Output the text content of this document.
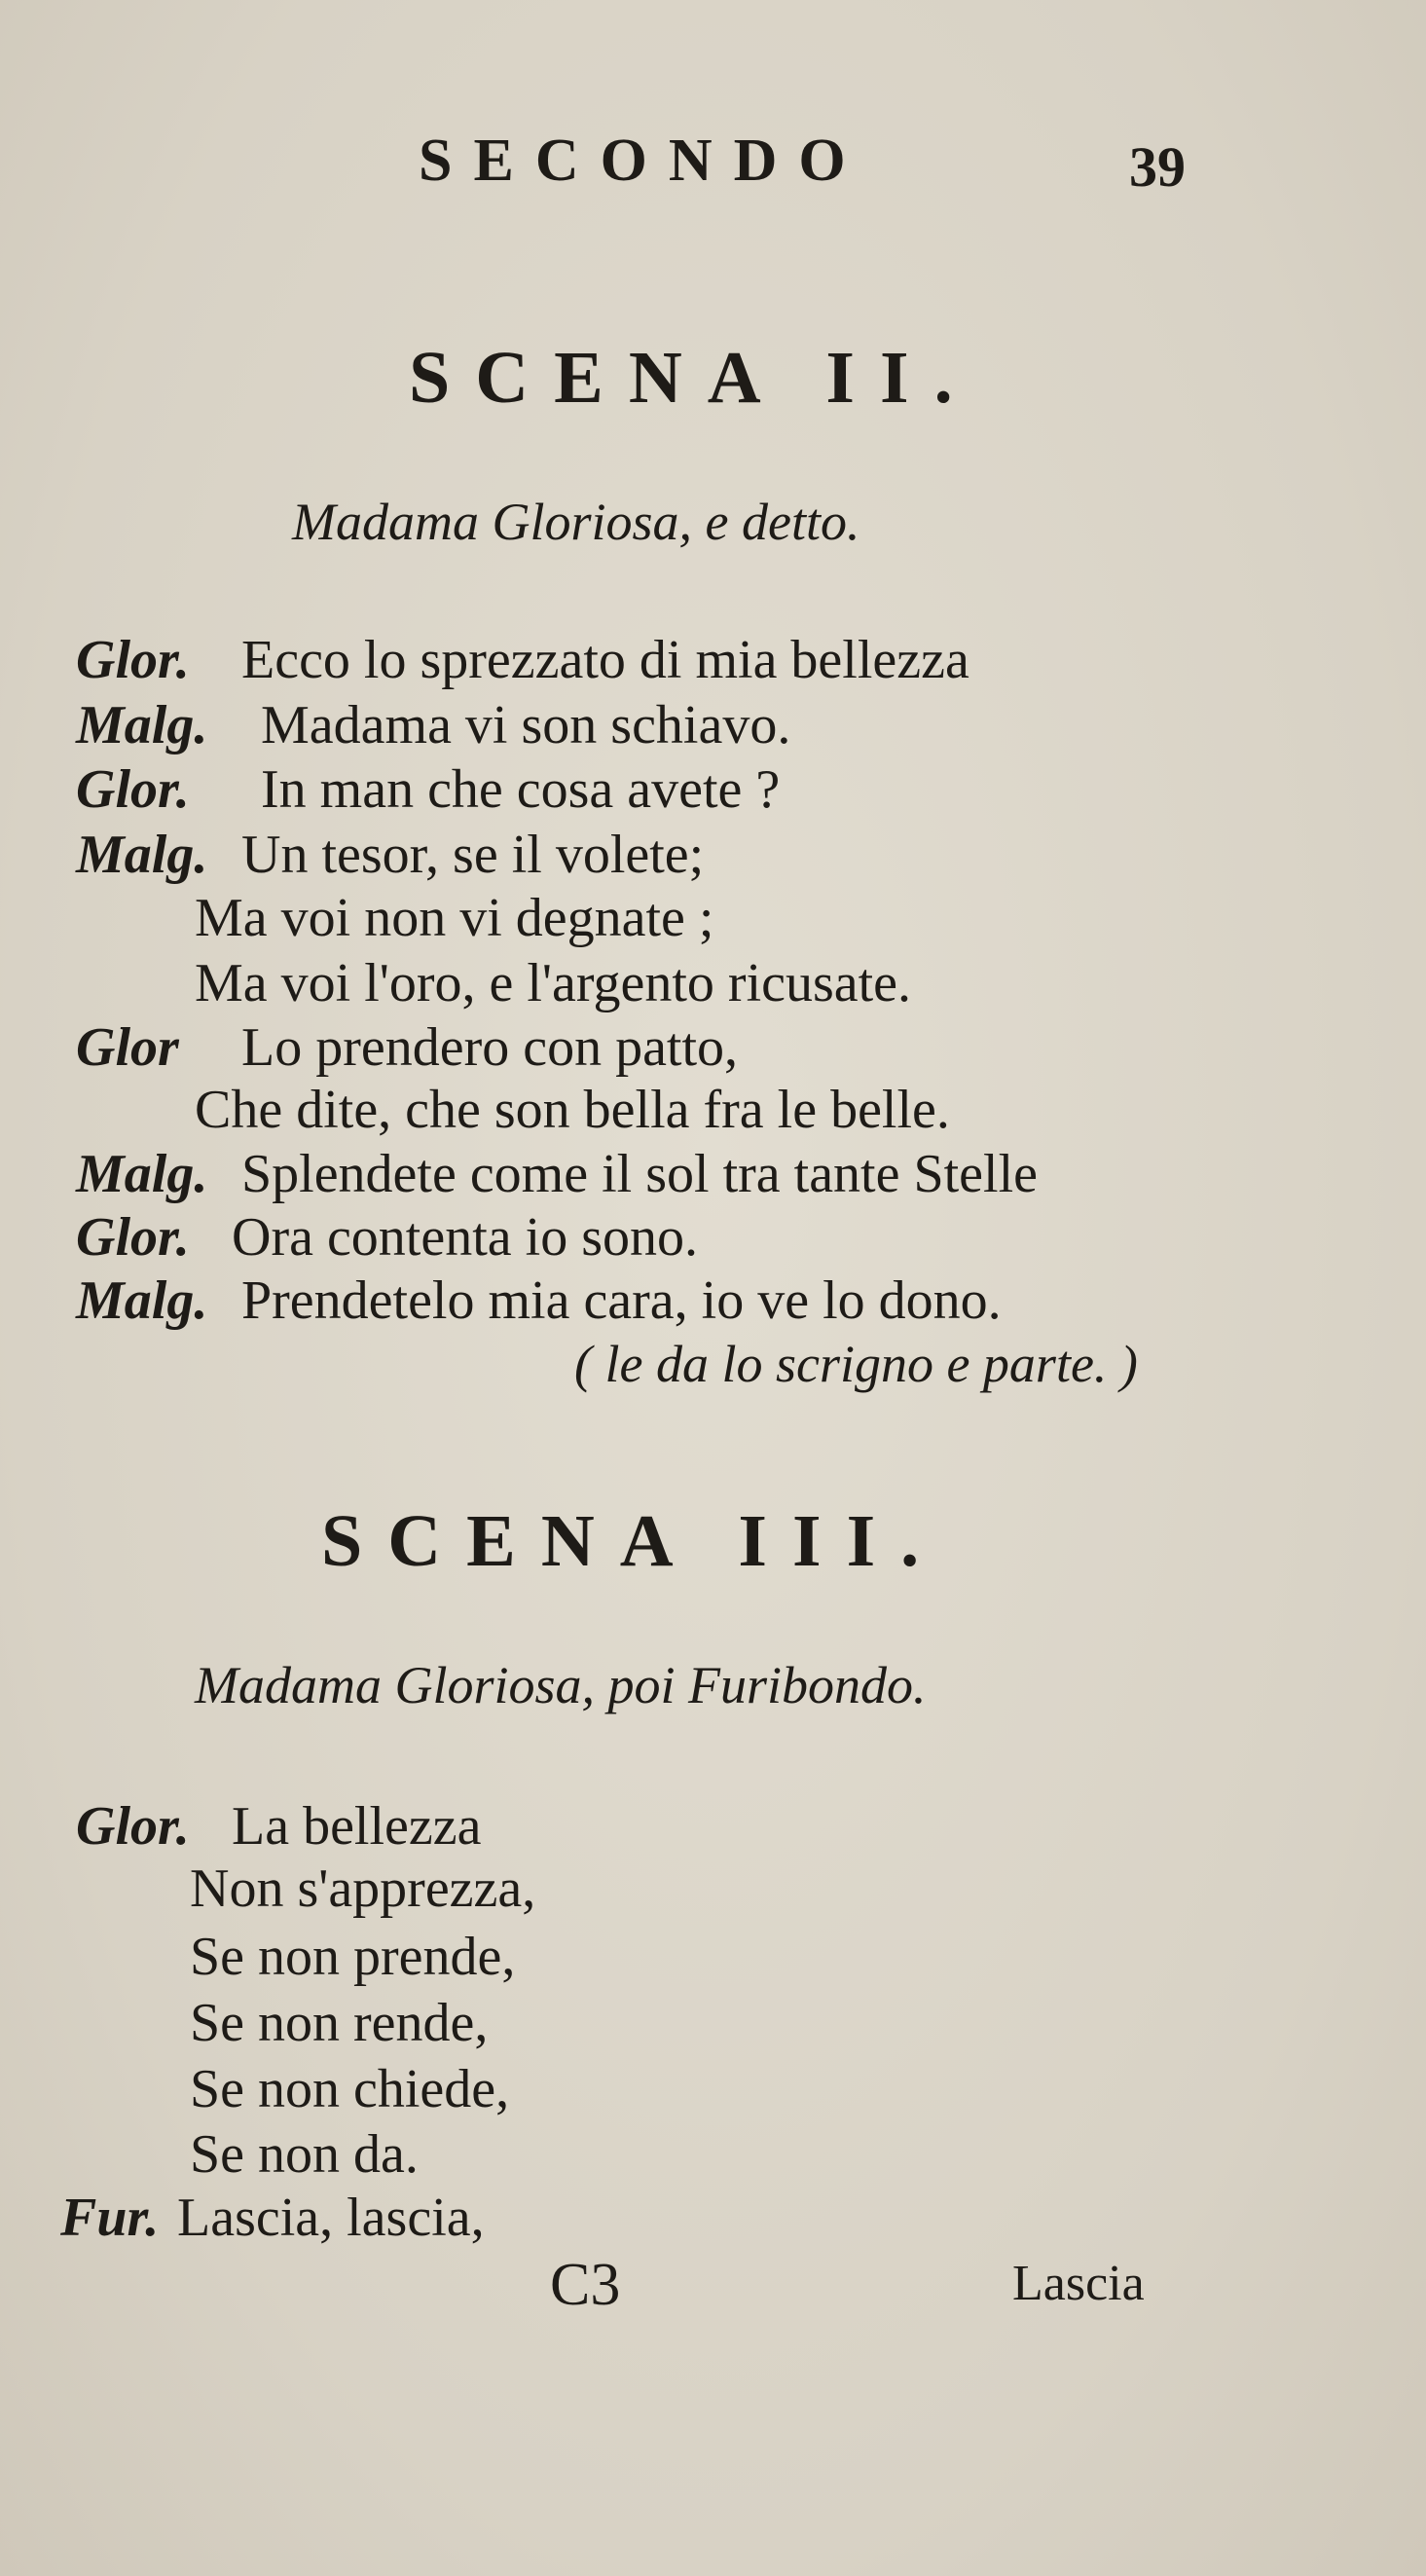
SECONDO	39
SCENA II.
Madama Gloriosa, e detto.
Glor. Ecco lo sprezzato di mia bellezza
Malg. Madama vi son schiavo.
Glor. In man che cosa avete ?
Malg. Un tesor, se il volete;
Ma voi non vi degnate ;
Ma voi l'oro, e l'argento ricusate.
Glor Lo prendero con patto,
Che dite, che son bella fra le belle.
Malg. Splendete come il sol tra tante Stelle
Glor. Ora contenta io sono.
Malg. Prendetelo mia cara, io ve lo dono.
( le da lo scrigno e parte. )
SCENA III.
Madama Gloriosa, poi Furibondo.
Glor. La bellezza
Non s'apprezza,
Se non prende,
Se non rende,
Se non chiede,
Se non da.
Fur. Lascia, lascia,
C3	Lascia
